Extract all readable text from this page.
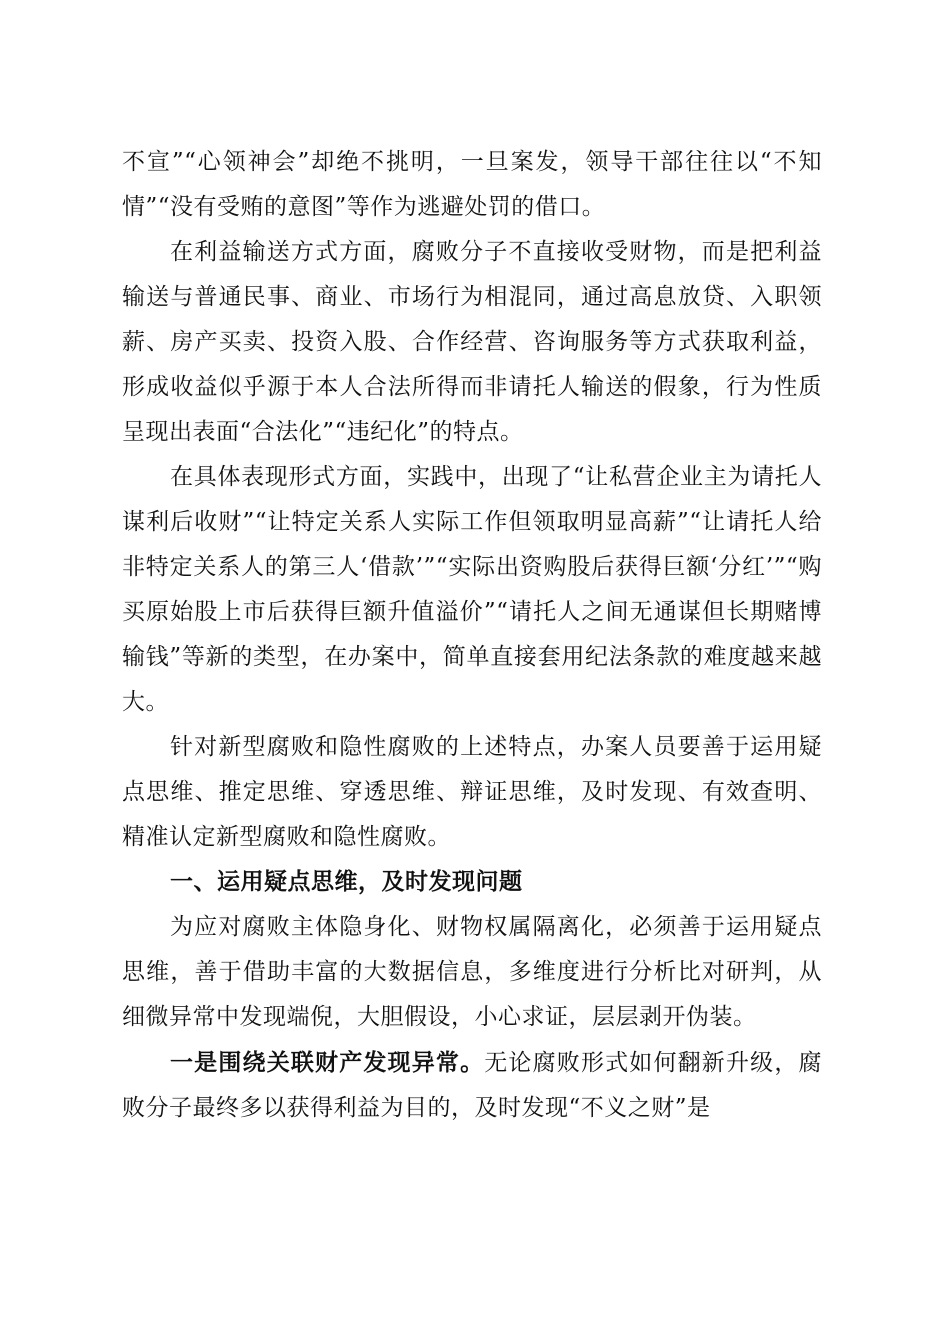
不宣”“心领神会”却绝不挑明，一旦案发，领导干部往往以“不知情”“没有受贿的意图”等作为逃避处罚的借口。

在利益输送方式方面，腐败分子不直接收受财物，而是把利益输送与普通民事、商业、市场行为相混同，通过高息放贷、入职领薪、房产买卖、投资入股、合作经营、咨询服务等方式获取利益，形成收益似乎源于本人合法所得而非请托人输送的假象，行为性质呈现出表面“合法化”“违纪化”的特点。

在具体表现形式方面，实践中，出现了“让私营企业主为请托人谋利后收财”“让特定关系人实际工作但领取明显高薪”“让请托人给非特定关系人的第三人‘借款’”“实际出资购股后获得巨额‘分红’”“购买原始股上市后获得巨额升值溢价”“请托人之间无通谋但长期赌博输钱”等新的类型，在办案中，简单直接套用纪法条款的难度越来越大。

针对新型腐败和隐性腐败的上述特点，办案人员要善于运用疑点思维、推定思维、穿透思维、辩证思维，及时发现、有效查明、精准认定新型腐败和隐性腐败。

一、运用疑点思维，及时发现问题

为应对腐败主体隐身化、财物权属隔离化，必须善于运用疑点思维，善于借助丰富的大数据信息，多维度进行分析比对研判，从细微异常中发现端倪，大胆假设，小心求证，层层剥开伪装。

一是围绕关联财产发现异常。无论腐败形式如何翻新升级，腐败分子最终多以获得利益为目的，及时发现“不义之财”是
